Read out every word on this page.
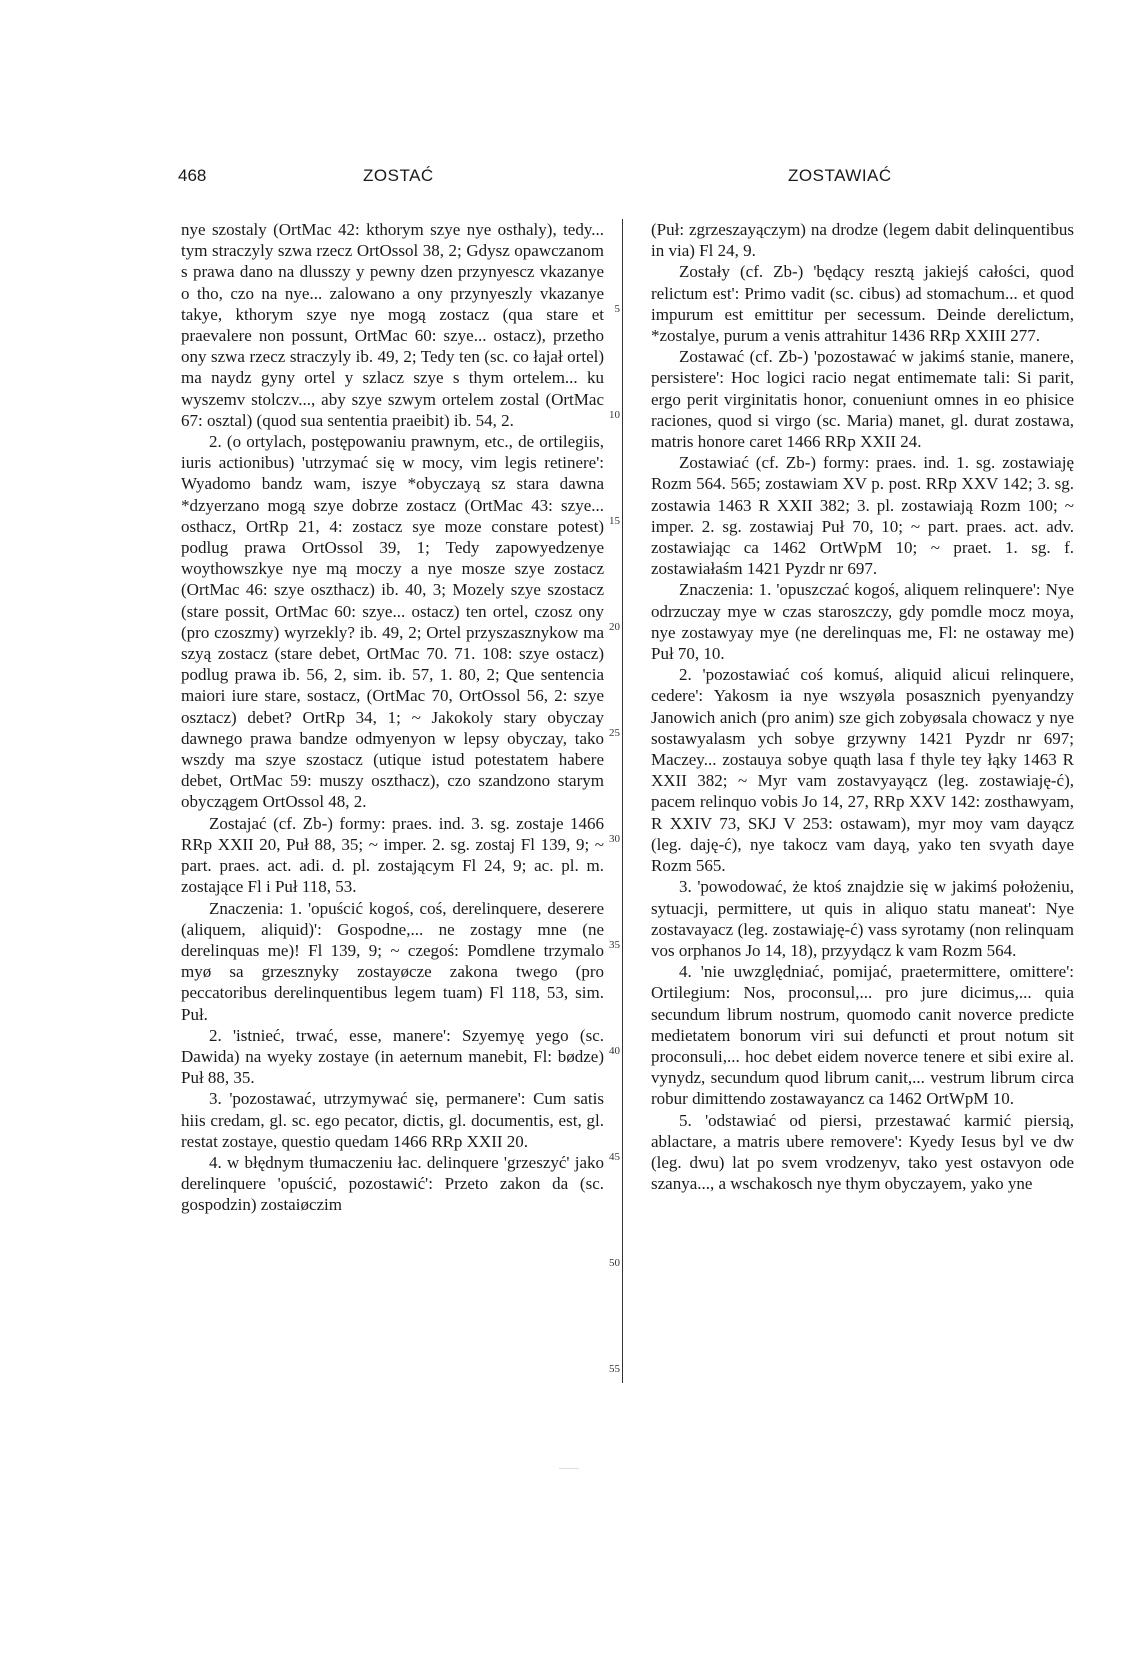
468	ZOSTAĆ	ZOSTAWIAĆ

nye szostaly (OrtMac 42: kthorym szye nye osthaly), tedy... tym straczyly szwa rzecz OrtOssol 38, 2; Gdysz opawczanom s prawa dano na dlusszy y pewny dzen przynyescz vkazanye o tho, czo na nye... zalowano a ony przynyeszly vkazanye takye, kthorym szye nye mogą zostacz (qua stare et praevalere non possunt, OrtMac 60: szye... ostacz), przetho ony szwa rzecz straczyly ib. 49, 2; Tedy ten (sc. co łajał ortel) ma naydz gyny ortel y szlacz szye s thym ortelem... ku wyszemv stolczv..., aby szye szwym ortelem zostal (OrtMac 67: osztal) (quod sua sententia praeibit) ib. 54, 2.

2. (o ortylach, postępowaniu prawnym, etc., de ortilegiis, iuris actionibus) 'utrzymać się w mocy, vim legis retinere': Wyadomo bandz wam, iszye *obyczayą sz stara dawna *dzyerzano mogą szye dobrze zostacz (OrtMac 43: szye... osthacz, OrtRp 21, 4: zostacz sye moze constare potest) podlug prawa OrtOssol 39, 1; Tedy zapowyedzenye woythowszkye nye mą moczy a nye mosze szye zostacz (OrtMac 46: szye oszthacz) ib. 40, 3; Mozely szye szostacz (stare possit, OrtMac 60: szye... ostacz) ten ortel, czosz ony (pro czoszmy) wyrzekly? ib. 49, 2; Ortel przyszasznykow ma szyą zostacz (stare debet, OrtMac 70. 71. 108: szye ostacz) podlug prawa ib. 56, 2, sim. ib. 57, 1. 80, 2; Que sentencia maiori iure stare, sostacz, (OrtMac 70, OrtOssol 56, 2: szye osztacz) debet? OrtRp 34, 1; ~ Jakokoly stary obyczay dawnego prawa bandze odmyenyon w lepsy obyczay, tako wszdy ma szye szostacz (utique istud potestatem habere debet, OrtMac 59: muszy oszthacz), czo szandzono starym obyczągem OrtOssol 48, 2.

Zostajać (cf. Zb-) formy: praes. ind. 3. sg. zostaje 1466 RRp XXII 20, Puł 88, 35; ~ imper. 2. sg. zostaj Fl 139, 9; ~ part. praes. act. adi. d. pl. zostającym Fl 24, 9; ac. pl. m. zostające Fl i Puł 118, 53.

Znaczenia: 1. 'opuścić kogoś, coś, derelinquere, deserere (aliquem, aliquid)': Gospodne,... ne zostagy mne (ne derelinquas me)! Fl 139, 9; ~ czegoś: Pomdlene trzymalo myø sa grzesznyky zostayøcze zakona twego (pro peccatoribus derelinquentibus legem tuam) Fl 118, 53, sim. Puł.

2. 'istnieć, trwać, esse, manere': Szyemyę yego (sc. Dawida) na wyeky zostaye (in aeternum manebit, Fl: bødze) Puł 88, 35.

3. 'pozostawać, utrzymywać się, permanere': Cum satis hiis credam, gl. sc. ego pecator, dictis, gl. documentis, est, gl. restat zostaye, questio quedam 1466 RRp XXII 20.

4. w błędnym tłumaczeniu łac. delinquere 'grzeszyć' jako derelinquere 'opuścić, pozostawić': Przeto zakon da (sc. gospodzin) zostaiøczim

5
10
15
20
25
30
35
40
45
50
55

(Puł: zgrzeszayączym) na drodze (legem dabit delinquentibus in via) Fl 24, 9.

Zostały (cf. Zb-) 'będący resztą jakiejś całości, quod relictum est': Primo vadit (sc. cibus) ad stomachum... et quod impurum est emittitur per secessum. Deinde derelictum, *zostalye, purum a venis attrahitur 1436 RRp XXIII 277.

Zostawać (cf. Zb-) 'pozostawać w jakimś stanie, manere, persistere': Hoc logici racio negat entimemate tali: Si parit, ergo perit virginitatis honor, conueniunt omnes in eo phisice raciones, quod si virgo (sc. Maria) manet, gl. durat zostawa, matris honore caret 1466 RRp XXII 24.

Zostawiać (cf. Zb-) formy: praes. ind. 1. sg. zostawiaję Rozm 564. 565; zostawiam XV p. post. RRp XXV 142; 3. sg. zostawia 1463 R XXII 382; 3. pl. zostawiają Rozm 100; ~ imper. 2. sg. zostawiaj Puł 70, 10; ~ part. praes. act. adv. zostawiając ca 1462 OrtWpM 10; ~ praet. 1. sg. f. zostawiałaśm 1421 Pyzdr nr 697.

Znaczenia: 1. 'opuszczać kogoś, aliquem relinquere': Nye odrzuczay mye w czas staroszczy, gdy pomdle mocz moya, nye zostawyay mye (ne derelinquas me, Fl: ne ostaway me) Puł 70, 10.

2. 'pozostawiać coś komuś, aliquid alicui relinquere, cedere': Yakosm ia nye wszyøla posasznich pyenyandzy Janowich anich (pro anim) sze gich zobyøsala chowacz y nye sostawyalasm ych sobye grzywny 1421 Pyzdr nr 697; Maczey... zostauya sobye quąth lasa f thyle tey łąky 1463 R XXII 382; ~ Myr vam zostavyayącz (leg. zostawiaję-ć), pacem relinquo vobis Jo 14, 27, RRp XXV 142: zosthawyam, R XXIV 73, SKJ V 253: ostawam), myr moy vam dayącz (leg. daję-ć), nye takocz vam dayą, yako ten svyath daye Rozm 565.

3. 'powodować, że ktoś znajdzie się w jakimś położeniu, sytuacji, permittere, ut quis in aliquo statu maneat': Nye zostavayacz (leg. zostawiaję-ć) vass syrotamy (non relinquam vos orphanos Jo 14, 18), przyydącz k vam Rozm 564.

4. 'nie uwzględniać, pomijać, praetermittere, omittere': Ortilegium: Nos, proconsul,... pro jure dicimus,... quia secundum librum nostrum, quomodo canit noverce predicte medietatem bonorum viri sui defuncti et prout notum sit proconsuli,... hoc debet eidem noverce tenere et sibi exire al. vynydz, secundum quod librum canit,... vestrum librum circa robur dimittendo zostawayancz ca 1462 OrtWpM 10.

5. 'odstawiać od piersi, przestawać karmić piersią, ablactare, a matris ubere removere': Kyedy Iesus byl ve dw (leg. dwu) lat po svem vrodzenyv, tako yest ostavyon ode szanya..., a wschakosch nye thym obyczayem, yako yne
